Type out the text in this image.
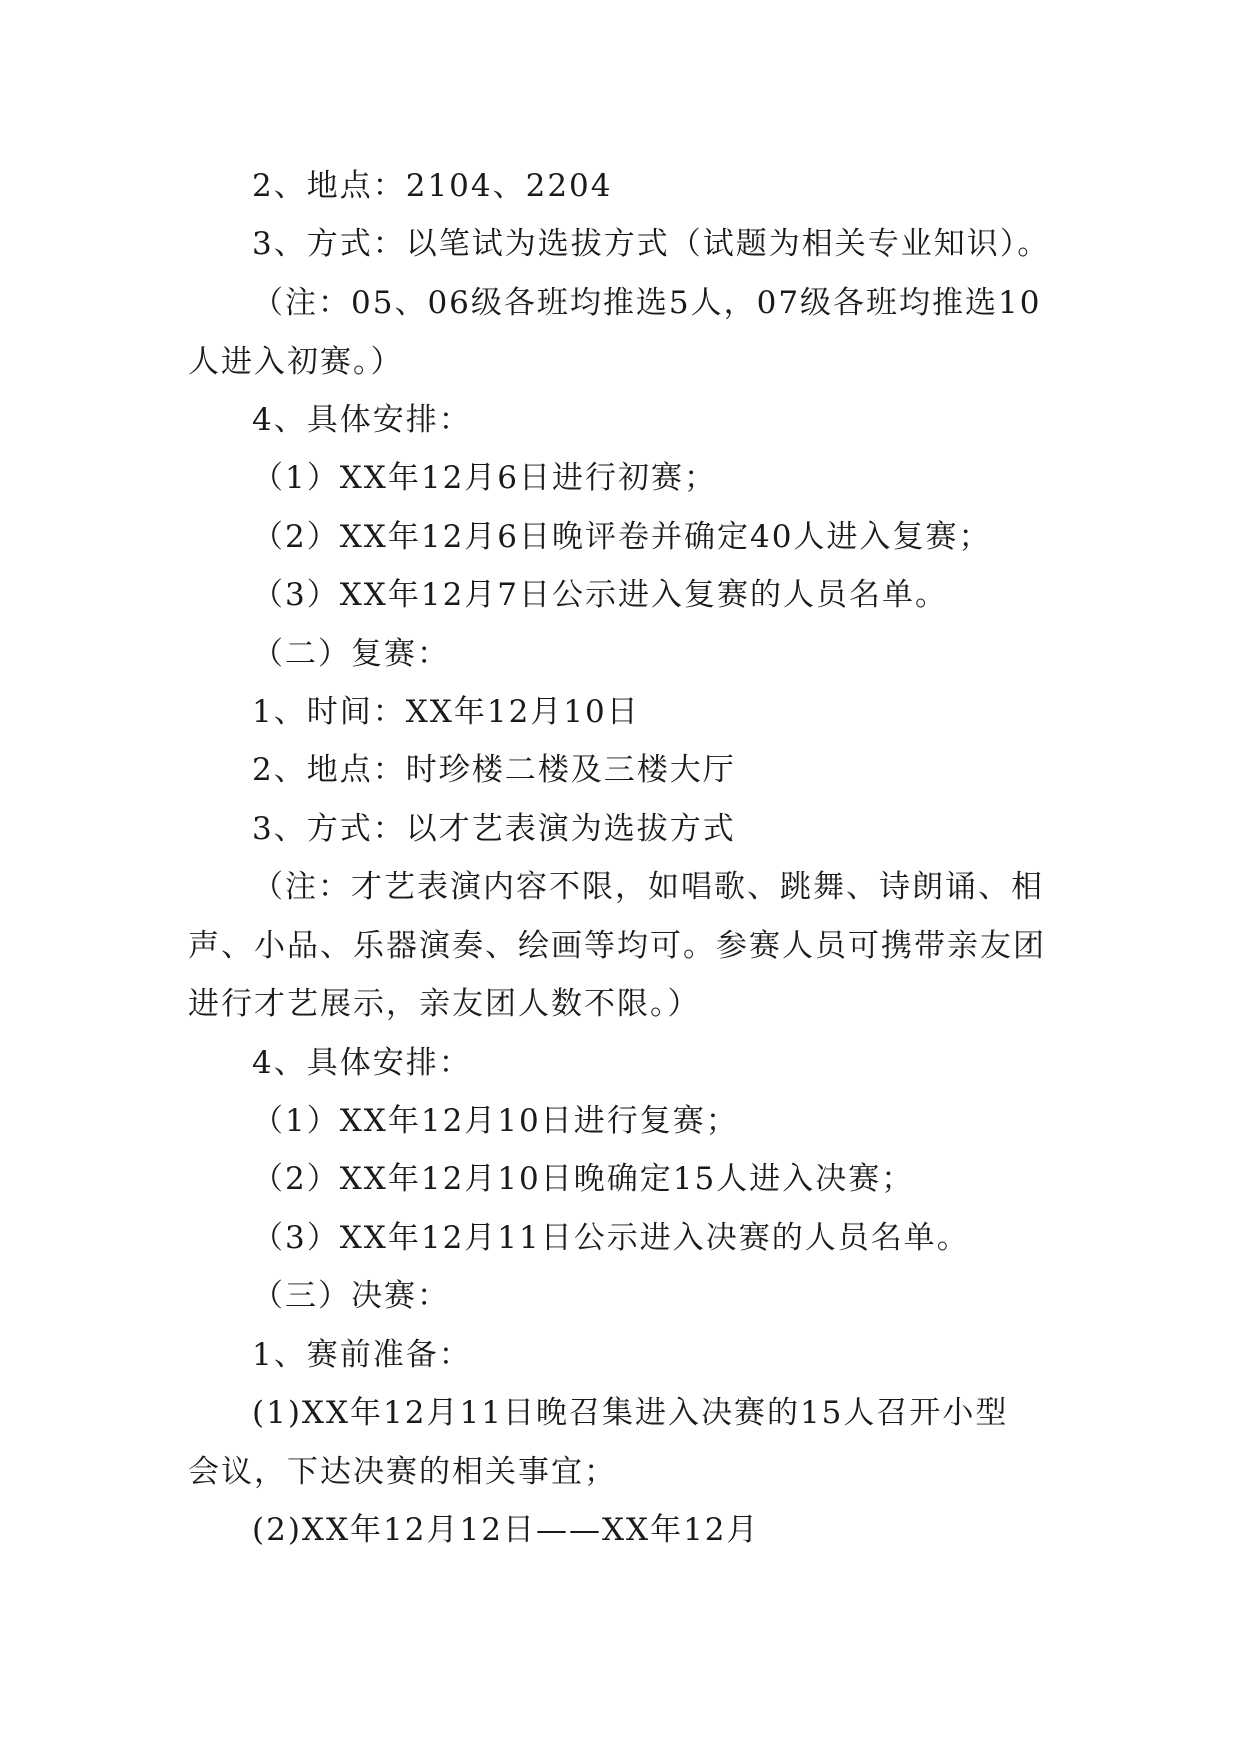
2、地点：2104、2204
3、方式：以笔试为选拔方式（试题为相关专业知识）。
（注：05、06级各班均推选5人，07级各班均推选10
人进入初赛。）
4、具体安排：
（1）XX年12月6日进行初赛；
（2）XX年12月6日晚评卷并确定40人进入复赛；
（3）XX年12月7日公示进入复赛的人员名单。
（二）复赛：
1、时间：XX年12月10日
2、地点：时珍楼二楼及三楼大厅
3、方式：以才艺表演为选拔方式
（注：才艺表演内容不限，如唱歌、跳舞、诗朗诵、相
声、小品、乐器演奏、绘画等均可。参赛人员可携带亲友团
进行才艺展示，亲友团人数不限。）
4、具体安排：
（1）XX年12月10日进行复赛；
（2）XX年12月10日晚确定15人进入决赛；
（3）XX年12月11日公示进入决赛的人员名单。
（三）决赛：
1、赛前准备：
(1)XX年12月11日晚召集进入决赛的15人召开小型
会议，下达决赛的相关事宜；
(2)XX年12月12日——XX年12月
